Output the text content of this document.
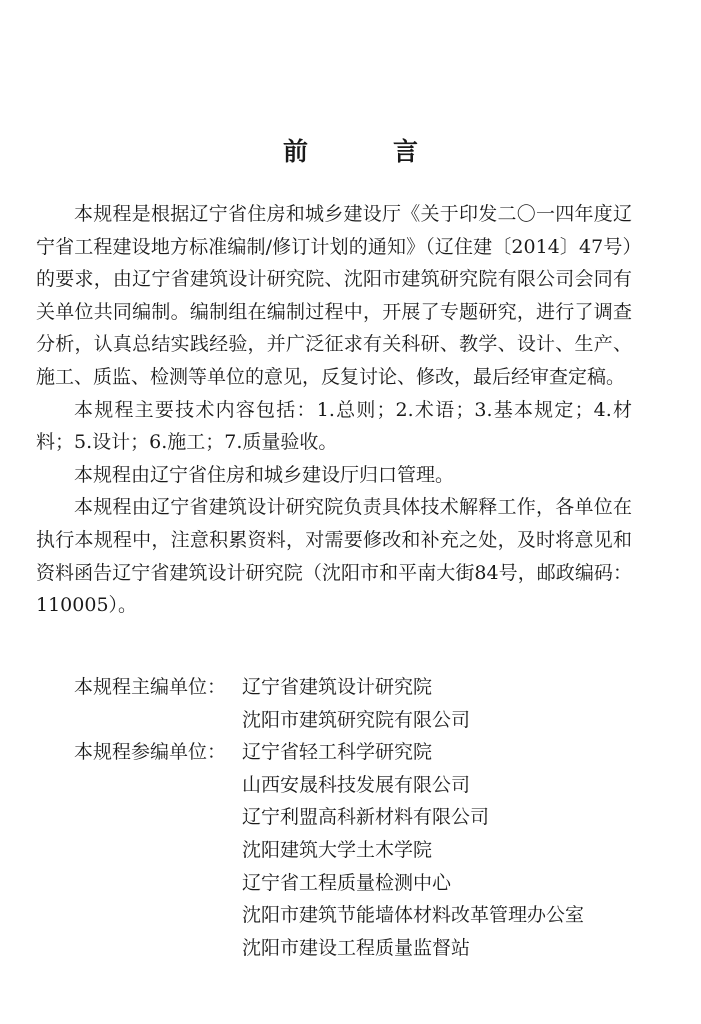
前　言

本规程是根据辽宁省住房和城乡建设厅《关于印发二〇一四年度辽宁省工程建设地方标准编制/修订计划的通知》（辽住建〔2014〕47号）的要求，由辽宁省建筑设计研究院、沈阳市建筑研究院有限公司会同有关单位共同编制。编制组在编制过程中，开展了专题研究，进行了调查分析，认真总结实践经验，并广泛征求有关科研、教学、设计、生产、施工、质监、检测等单位的意见，反复讨论、修改，最后经审查定稿。

本规程主要技术内容包括：1.总则；2.术语；3.基本规定；4.材料；5.设计；6.施工；7.质量验收。

本规程由辽宁省住房和城乡建设厅归口管理。

本规程由辽宁省建筑设计研究院负责具体技术解释工作，各单位在执行本规程中，注意积累资料，对需要修改和补充之处，及时将意见和资料函告辽宁省建筑设计研究院（沈阳市和平南大街84号，邮政编码：110005）。

本规程主编单位： 辽宁省建筑设计研究院
沈阳市建筑研究院有限公司
本规程参编单位： 辽宁省轻工科学研究院
山西安晟科技发展有限公司
辽宁利盟高科新材料有限公司
沈阳建筑大学土木学院
辽宁省工程质量检测中心
沈阳市建筑节能墙体材料改革管理办公室
沈阳市建设工程质量监督站
